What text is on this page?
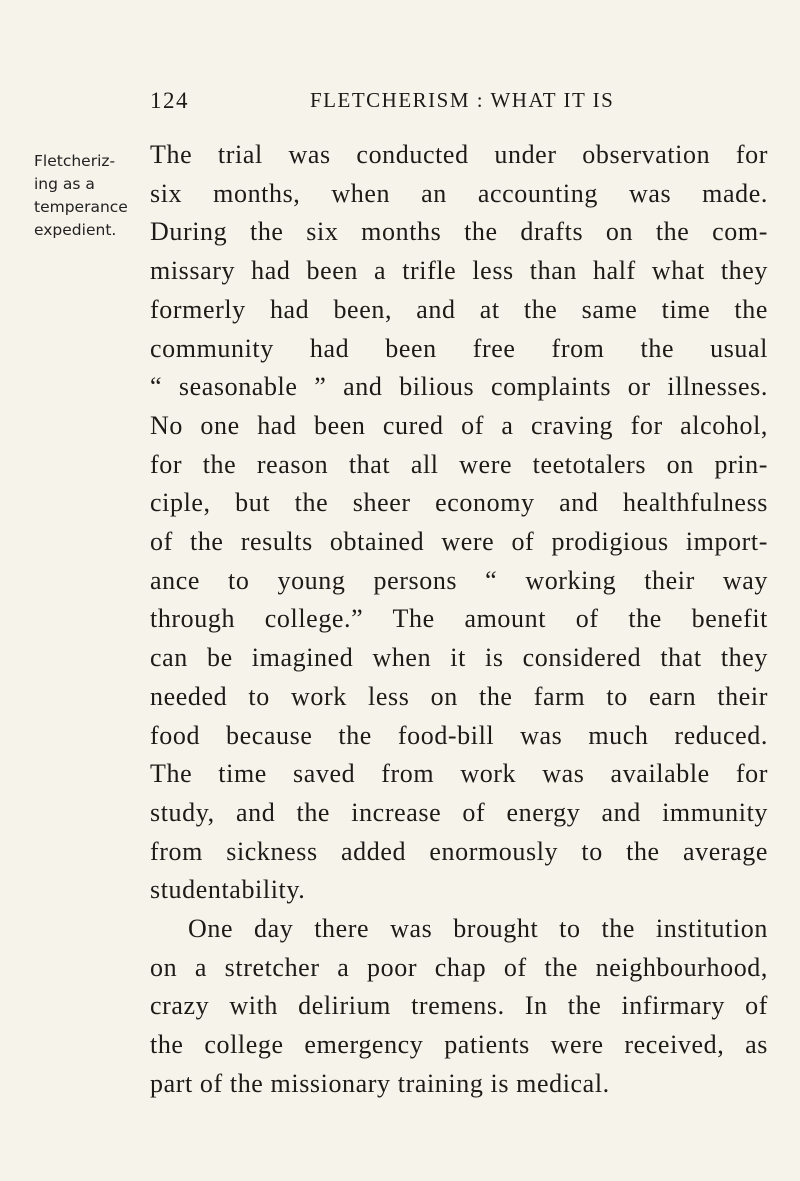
124	FLETCHERISM : WHAT IT IS
Fletcheriz-
ing as a
temperance
expedient.
The trial was conducted under observation for
six months, when an accounting was made.
During the six months the drafts on the com-
missary had been a trifle less than half what they
formerly had been, and at the same time the
community had been free from the usual
“ seasonable ” and bilious complaints or illnesses.
No one had been cured of a craving for alcohol,
for the reason that all were teetotalers on prin-
ciple, but the sheer economy and healthfulness
of the results obtained were of prodigious import-
ance to young persons “ working their way
through college.” The amount of the benefit
can be imagined when it is considered that they
needed to work less on the farm to earn their
food because the food-bill was much reduced.
The time saved from work was available for
study, and the increase of energy and immunity
from sickness added enormously to the average
studentability.
One day there was brought to the institution
on a stretcher a poor chap of the neighbourhood,
crazy with delirium tremens. In the infirmary of
the college emergency patients were received, as
part of the missionary training is medical.
